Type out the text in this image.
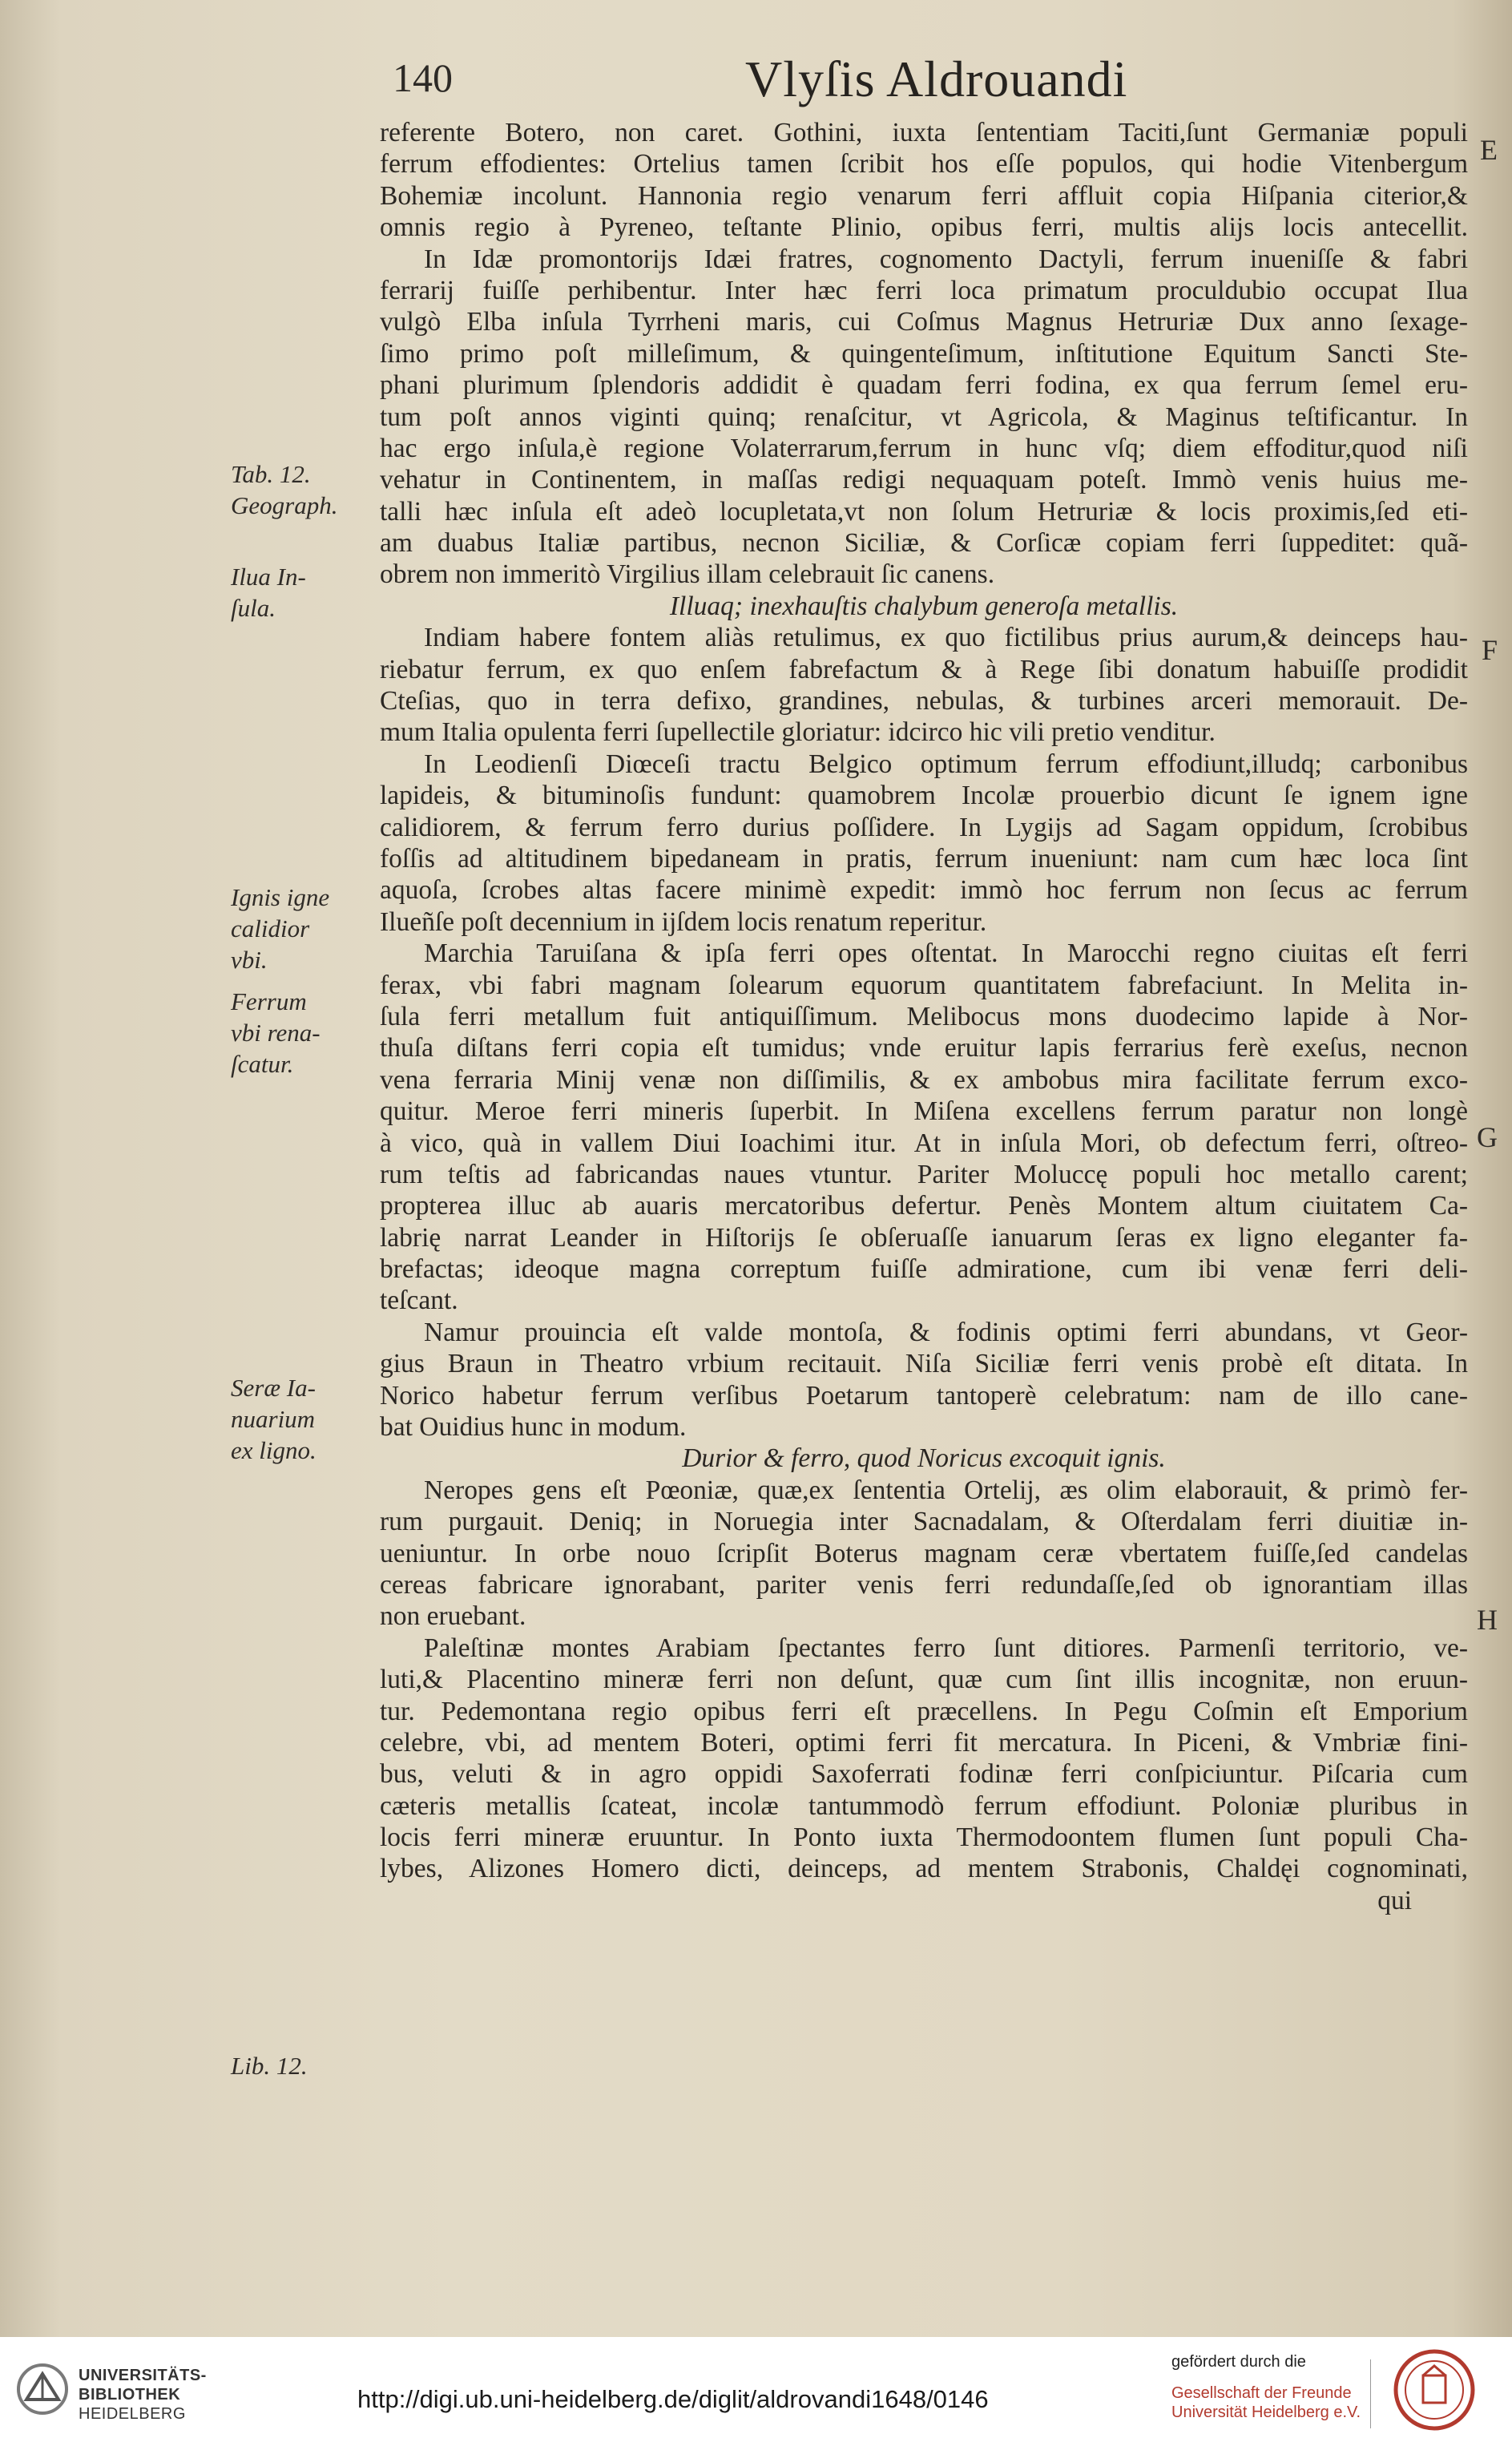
140	Vlyſis Aldrouandi
referente Botero, non caret. Gothini, iuxta ſententiam Taciti,ſunt Germaniæ populi
ferrum effodientes: Ortelius tamen ſcribit hos eſſe populos, qui hodie Vitenbergum
Bohemiæ incolunt. Hannonia regio venarum ferri affluit copia Hiſpania citerior,&
omnis regio à Pyreneo, teſtante Plinio, opibus ferri, multis alijs locis antecellit.
In Idæ promontorijs Idæi fratres, cognomento Dactyli, ferrum inueniſſe & fabri
ferrarij fuiſſe perhibentur. Inter hæc ferri loca primatum proculdubio occupat Ilua
vulgò Elba inſula Tyrrheni maris, cui Coſmus Magnus Hetruriæ Dux anno ſexage-
ſimo primo poſt milleſimum, & quingenteſimum, inſtitutione Equitum Sancti Ste-
phani plurimum ſplendoris addidit è quadam ferri fodina, ex qua ferrum ſemel eru-
tum poſt annos viginti quinq; renaſcitur, vt Agricola, & Maginus teſtificantur. In
hac ergo inſula,è regione Volaterrarum,ferrum in hunc vſq; diem effoditur,quod niſi
vehatur in Continentem, in maſſas redigi nequaquam poteſt. Immò venis huius me-
talli hæc inſula eſt adeò locupletata,vt non ſolum Hetruriæ & locis proximis,ſed eti-
am duabus Italiæ partibus, necnon Siciliæ, & Corſicæ copiam ferri ſuppeditet: quã-
obrem non immeritò Virgilius illam celebrauit ſic canens.
Illuaq; inexhauſtis chalybum generoſa metallis.
Indiam habere fontem aliàs retulimus, ex quo fictilibus prius aurum,& deinceps hau-
riebatur ferrum, ex quo enſem fabrefactum & à Rege ſibi donatum habuiſſe prodidit
Cteſias, quo in terra defixo, grandines, nebulas, & turbines arceri memorauit. De-
mum Italia opulenta ferri ſupellectile gloriatur: idcirco hic vili pretio venditur.
In Leodienſi Diœceſi tractu Belgico optimum ferrum effodiunt,illudq; carbonibus
lapideis, & bituminoſis fundunt: quamobrem Incolæ prouerbio dicunt ſe ignem igne
calidiorem, & ferrum ferro durius poſſidere. In Lygijs ad Sagam oppidum, ſcrobibus
foſſis ad altitudinem bipedaneam in pratis, ferrum inueniunt: nam cum hæc loca ſint
aquoſa, ſcrobes altas facere minimè expedit: immò hoc ferrum non ſecus ac ferrum
Ilueñſe poſt decennium in ijſdem locis renatum reperitur.
Marchia Taruiſana & ipſa ferri opes oſtentat. In Marocchi regno ciuitas eſt ferri
ferax, vbi fabri magnam ſolearum equorum quantitatem fabrefaciunt. In Melita in-
ſula ferri metallum fuit antiquiſſimum. Melibocus mons duodecimo lapide à Nor-
thuſa diſtans ferri copia eſt tumidus; vnde eruitur lapis ferrarius ferè exeſus, necnon
vena ferraria Minij venæ non diſſimilis, & ex ambobus mira facilitate ferrum exco-
quitur. Meroe ferri mineris ſuperbit. In Miſena excellens ferrum paratur non longè
à vico, quà in vallem Diui Ioachimi itur. At in inſula Mori, ob defectum ferri, oſtreo-
rum teſtis ad fabricandas naues vtuntur. Pariter Moluccę populi hoc metallo carent;
propterea illuc ab auaris mercatoribus defertur. Penès Montem altum ciuitatem Ca-
labrię narrat Leander in Hiſtorijs ſe obſeruaſſe ianuarum ſeras ex ligno eleganter fa-
brefactas; ideoque magna correptum fuiſſe admiratione, cum ibi venæ ferri deli-
teſcant.
Namur prouincia eſt valde montoſa, & fodinis optimi ferri abundans, vt Geor-
gius Braun in Theatro vrbium recitauit. Niſa Siciliæ ferri venis probè eſt ditata. In
Norico habetur ferrum verſibus Poetarum tantoperè celebratum: nam de illo cane-
bat Ouidius hunc in modum.
Durior & ferro, quod Noricus excoquit ignis.
Neropes gens eſt Pœoniæ, quæ,ex ſententia Ortelij, æs olim elaborauit, & primò fer-
rum purgauit. Deniq; in Noruegia inter Sacnadalam, & Oſterdalam ferri diuitiæ in-
ueniuntur. In orbe nouo ſcripſit Boterus magnam ceræ vbertatem fuiſſe,ſed candelas
cereas fabricare ignorabant, pariter venis ferri redundaſſe,ſed ob ignorantiam illas
non eruebant.
Paleſtinæ montes Arabiam ſpectantes ferro ſunt ditiores. Parmenſi territorio, ve-
luti,& Placentino mineræ ferri non deſunt, quæ cum ſint illis incognitæ, non eruun-
tur. Pedemontana regio opibus ferri eſt præcellens. In Pegu Coſmin eſt Emporium
celebre, vbi, ad mentem Boteri, optimi ferri fit mercatura. In Piceni, & Vmbriæ fini-
bus, veluti & in agro oppidi Saxoferrati fodinæ ferri conſpiciuntur. Piſcaria cum
cæteris metallis ſcateat, incolæ tantummodò ferrum effodiunt. Poloniæ pluribus in
locis ferri mineræ eruuntur. In Ponto iuxta Thermodoontem flumen ſunt populi Cha-
lybes, Alizones Homero dicti, deinceps, ad mentem Strabonis, Chaldęi cognominati,
qui
Tab. 12.
Geograph.
Ilua In-
ſula.
Ignis igne
calidior
vbi.
Ferrum
vbi rena-
ſcatur.
Seræ Ia-
nuarium
ex ligno.
Lib. 12.
E
F
G
H
UNIVERSITÄTS-
BIBLIOTHEK
HEIDELBERG
http://digi.ub.uni-heidelberg.de/diglit/aldrovandi1648/0146
gefördert durch die
Gesellschaft der Freunde
Universität Heidelberg e.V.
